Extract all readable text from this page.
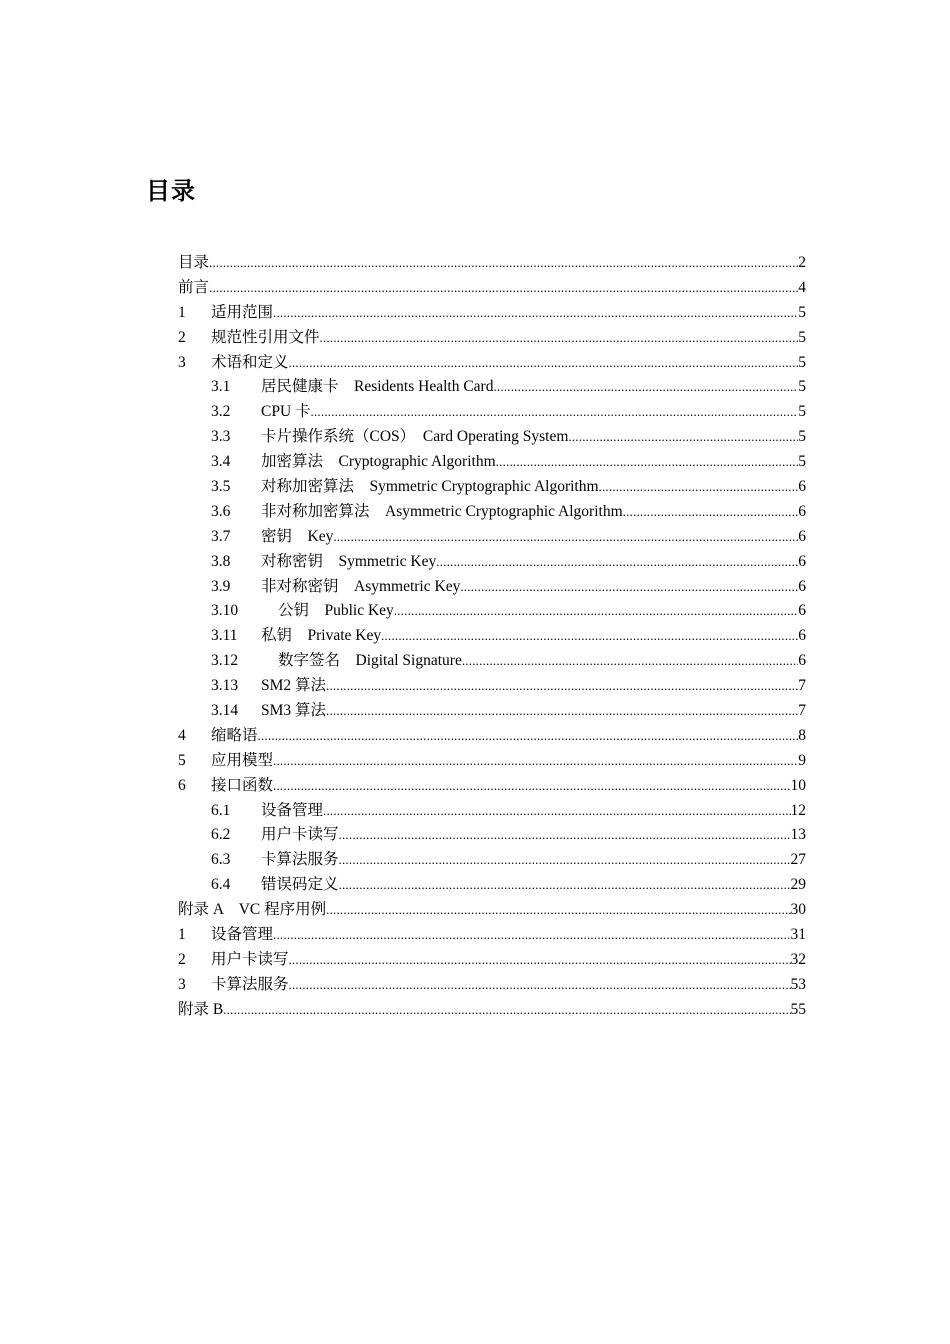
目录
目录 .....	2
前言 .....	4
1	适用范围 .....	5
2	规范性引用文件 .....	5
3	术语和定义 .....	5
3.1	居民健康卡　Residents Health Card .....	5
3.2	CPU 卡 .....	5
3.3	卡片操作系统（COS）　Card Operating System .....	5
3.4	加密算法　Cryptographic Algorithm .....	5
3.5	对称加密算法　Symmetric Cryptographic Algorithm .....	6
3.6	非对称加密算法　Asymmetric Cryptographic Algorithm .....	6
3.7	密钥　Key .....	6
3.8	对称密钥　Symmetric Key .....	6
3.9	非对称密钥　Asymmetric Key .....	6
3.10	公钥　Public Key .....	6
3.11	私钥　Private Key .....	6
3.12	数字签名　Digital Signature .....	6
3.13	SM2 算法 .....	7
3.14	SM3 算法 .....	7
4	缩略语 .....	8
5	应用模型 .....	9
6	接口函数 .....	10
6.1	设备管理 .....	12
6.2	用户卡读写 .....	13
6.3	卡算法服务 .....	27
6.4	错误码定义 .....	29
附录 A　VC 程序用例 .....	30
1	设备管理 .....	31
2	用户卡读写 .....	32
3	卡算法服务 .....	53
附录 B .....	55
